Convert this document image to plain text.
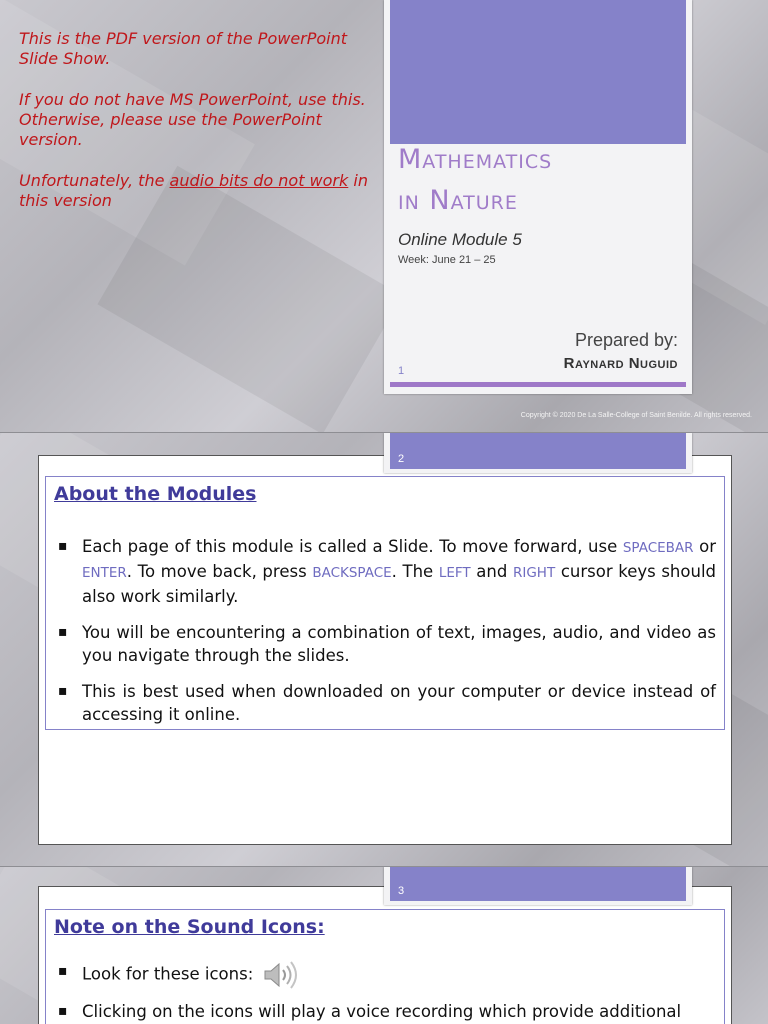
This is the PDF version of the PowerPoint Slide Show.

If you do not have MS PowerPoint, use this. Otherwise, please use the PowerPoint version.

Unfortunately, the audio bits do not work in this version

Mathematics
in Nature
Online Module 5
Week: June 21 – 25
Prepared by:
1	Raynard Nuguid
Copyright © 2020 De La Salle-College of Saint Benilde. All rights reserved.
About the Modules
▪ Each page of this module is called a Slide. To move forward, use SPACEBAR or ENTER. To move back, press BACKSPACE. The LEFT and RIGHT cursor keys should also work similarly.
▪ You will be encountering a combination of text, images, audio, and video as you navigate through the slides.
▪ This is best used when downloaded on your computer or device instead of accessing it online.
2
Note on the Sound Icons:
▪ Look for these icons:
▪ Clicking on the icons will play a voice recording which provide additional
3
